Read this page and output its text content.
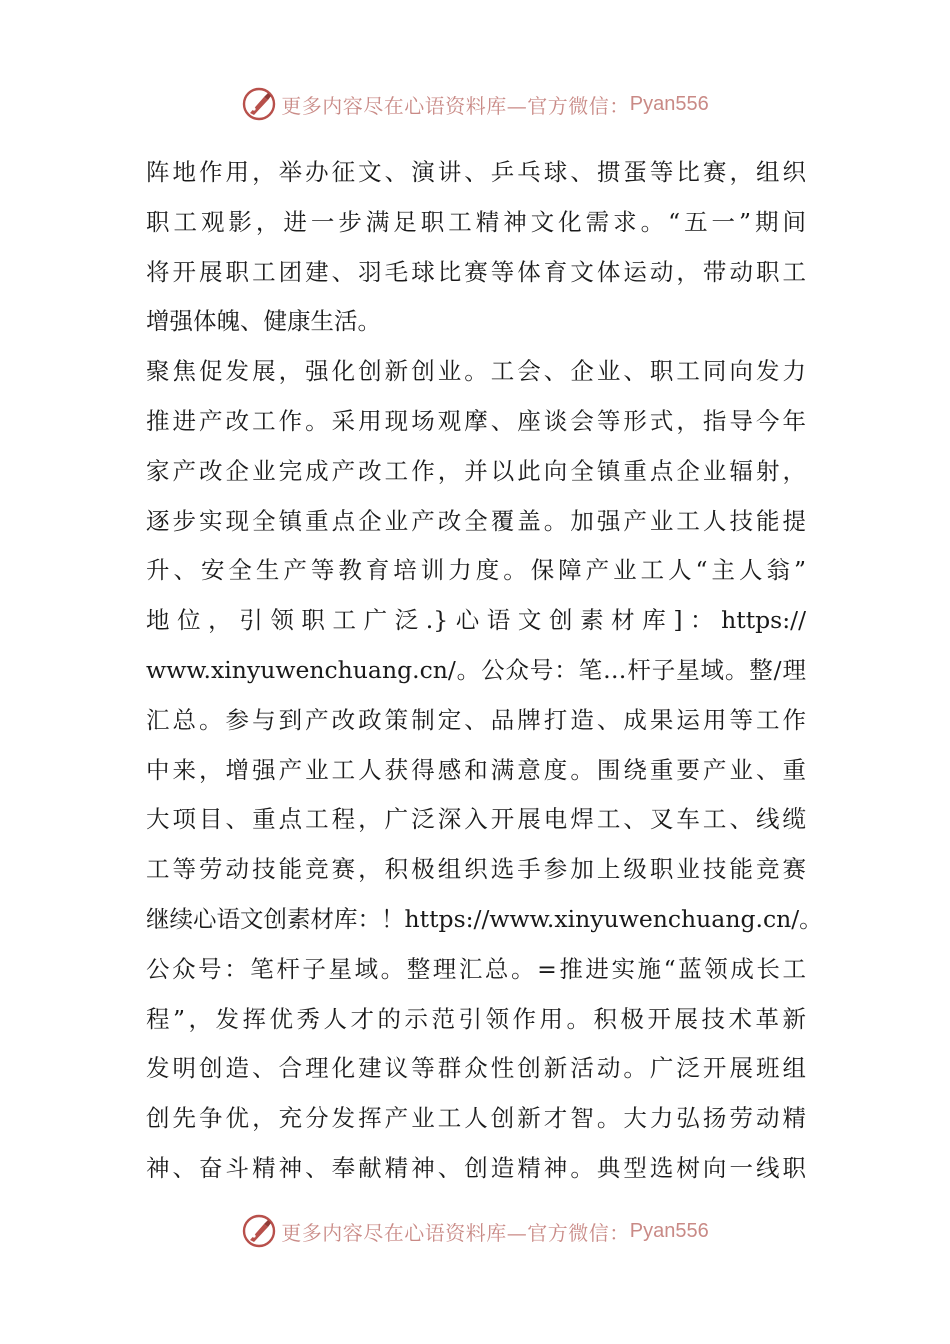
更多内容尽在心语资料库—官方微信： Pyan556
阵地作用，举办征文、演讲、乒乓球、掼蛋等比赛，组织
职工观影，进一步满足职工精神文化需求。“五一”期间
将开展职工团建、羽毛球比赛等体育文体运动，带动职工
增强体魄、健康生活。
聚焦促发展，强化创新创业。工会、企业、职工同向发力
推进产改工作。采用现场观摩、座谈会等形式，指导今年
家产改企业完成产改工作，并以此向全镇重点企业辐射，
逐步实现全镇重点企业产改全覆盖。加强产业工人技能提
升、安全生产等教育培训力度。保障产业工人“主人翁”
地 位 ， 引 领 职 工 广 泛 .} 心 语 文 创 素 材 库 ] ： https://
www.xinyuwenchuang.cn/。公众号：笔…杆子星域。整/理
汇总。参与到产改政策制定、品牌打造、成果运用等工作
中来，增强产业工人获得感和满意度。围绕重要产业、重
大项目、重点工程，广泛深入开展电焊工、叉车工、线缆
工等劳动技能竞赛，积极组织选手参加上级职业技能竞赛
继续心语文创素材库：！https://www.xinyuwenchuang.cn/。
公众号：笔杆子星域。整理汇总。=推进实施“蓝领成长工
程”，发挥优秀人才的示范引领作用。积极开展技术革新
发明创造、合理化建议等群众性创新活动。广泛开展班组
创先争优，充分发挥产业工人创新才智。大力弘扬劳动精
神、奋斗精神、奉献精神、创造精神。典型选树向一线职
更多内容尽在心语资料库—官方微信： Pyan556
